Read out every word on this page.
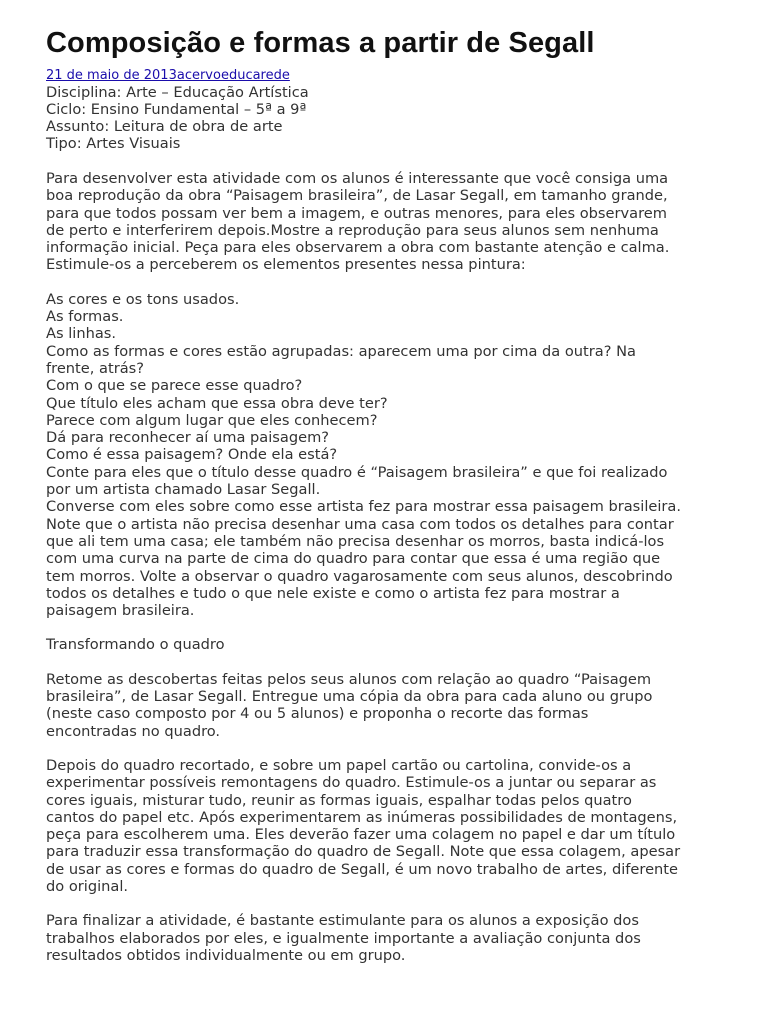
Composição e formas a partir de Segall
21 de maio de 2013acervoeducarede
Disciplina: Arte – Educação Artística
Ciclo: Ensino Fundamental – 5ª a 9ª
Assunto: Leitura de obra de arte
Tipo: Artes Visuais
Para desenvolver esta atividade com os alunos é interessante que você consiga uma
boa reprodução da obra “Paisagem brasileira”, de Lasar Segall, em tamanho grande,
para que todos possam ver bem a imagem, e outras menores, para eles observarem
de perto e interferirem depois.Mostre a reprodução para seus alunos sem nenhuma
informação inicial. Peça para eles observarem a obra com bastante atenção e calma.
Estimule-os a perceberem os elementos presentes nessa pintura:
As cores e os tons usados.
As formas.
As linhas.
Como as formas e cores estão agrupadas: aparecem uma por cima da outra? Na
frente, atrás?
Com o que se parece esse quadro?
Que título eles acham que essa obra deve ter?
Parece com algum lugar que eles conhecem?
Dá para reconhecer aí uma paisagem?
Como é essa paisagem? Onde ela está?
Conte para eles que o título desse quadro é “Paisagem brasileira” e que foi realizado
por um artista chamado Lasar Segall.
Converse com eles sobre como esse artista fez para mostrar essa paisagem brasileira.
Note que o artista não precisa desenhar uma casa com todos os detalhes para contar
que ali tem uma casa; ele também não precisa desenhar os morros, basta indicá-los
com uma curva na parte de cima do quadro para contar que essa é uma região que
tem morros. Volte a observar o quadro vagarosamente com seus alunos, descobrindo
todos os detalhes e tudo o que nele existe e como o artista fez para mostrar a
paisagem brasileira.
Transformando o quadro
Retome as descobertas feitas pelos seus alunos com relação ao quadro “Paisagem
brasileira”, de Lasar Segall. Entregue uma cópia da obra para cada aluno ou grupo
(neste caso composto por 4 ou 5 alunos) e proponha o recorte das formas
encontradas no quadro.
Depois do quadro recortado, e sobre um papel cartão ou cartolina, convide-os a
experimentar possíveis remontagens do quadro. Estimule-os a juntar ou separar as
cores iguais, misturar tudo, reunir as formas iguais, espalhar todas pelos quatro
cantos do papel etc. Após experimentarem as inúmeras possibilidades de montagens,
peça para escolherem uma. Eles deverão fazer uma colagem no papel e dar um título
para traduzir essa transformação do quadro de Segall. Note que essa colagem, apesar
de usar as cores e formas do quadro de Segall, é um novo trabalho de artes, diferente
do original.
Para finalizar a atividade, é bastante estimulante para os alunos a exposição dos
trabalhos elaborados por eles, e igualmente importante a avaliação conjunta dos
resultados obtidos individualmente ou em grupo.
